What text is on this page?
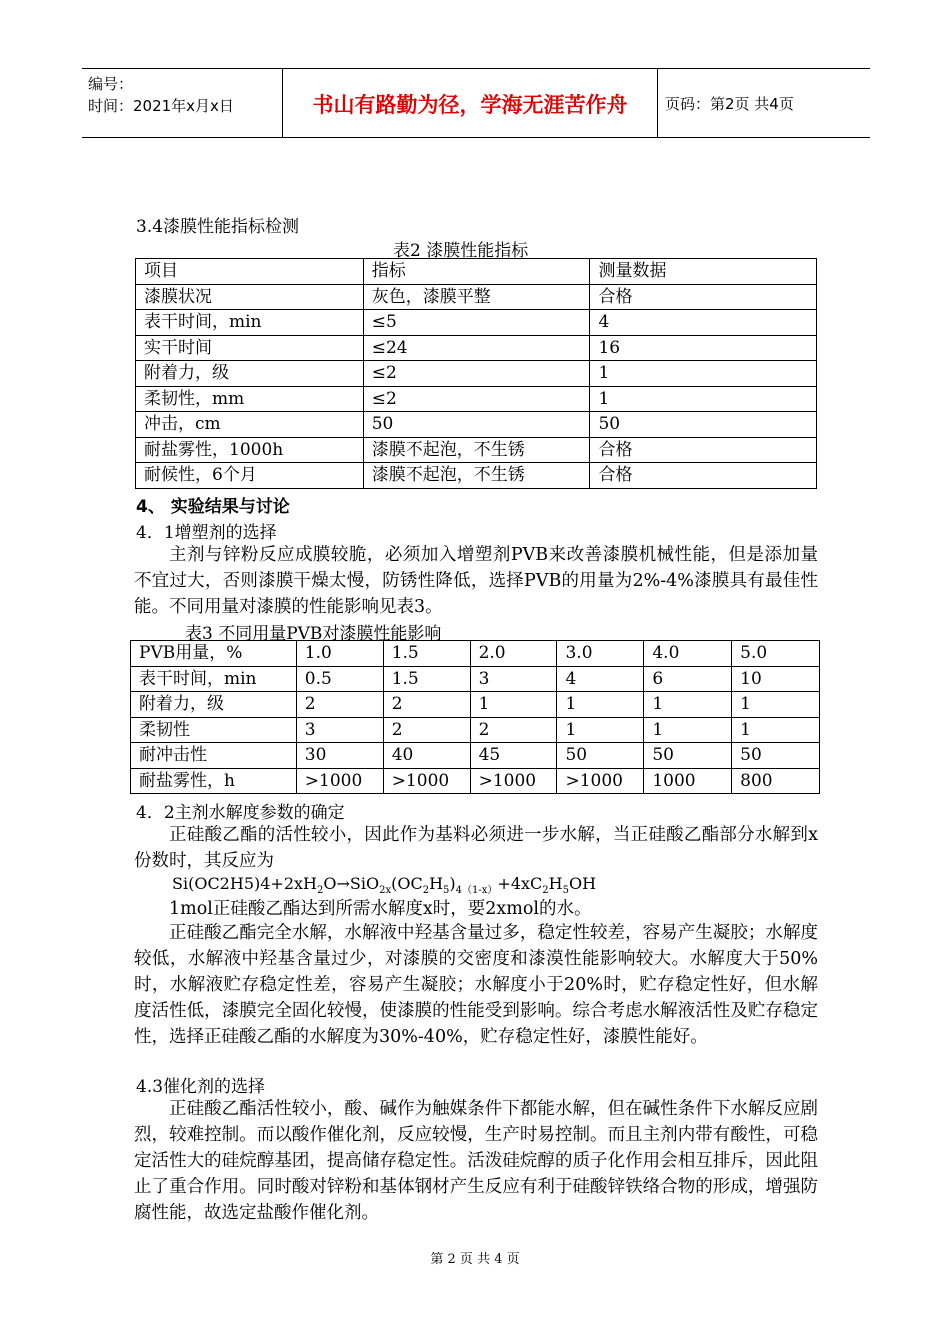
编号：
时间：2021年x月x日	书山有路勤为径，学海无涯苦作舟	页码：第2页 共4页
3.4漆膜性能指标检测
表2 漆膜性能指标
项目	指标	测量数据
漆膜状况	灰色，漆膜平整	合格
表干时间，min	≤5	4
实干时间	≤24	16
附着力，级	≤2	1
柔韧性，mm	≤2	1
冲击，cm	50	50
耐盐雾性，1000h	漆膜不起泡，不生锈	合格
耐候性，6个月	漆膜不起泡，不生锈	合格
4、 实验结果与讨论
4．1增塑剂的选择

主剂与锌粉反应成膜较脆，必须加入增塑剂PVB来改善漆膜机械性能，但是添加量不宜过大，否则漆膜干燥太慢，防锈性降低，选择PVB的用量为2%-4%漆膜具有最佳性能。不同用量对漆膜的性能影响见表3。

表3 不同用量PVB对漆膜性能影响
PVB用量，%	1.0	1.5	2.0	3.0	4.0	5.0
表干时间，min	0.5	1.5	3	4	6	10
附着力，级	2	2	1	1	1	1
柔韧性	3	2	2	1	1	1
耐冲击性	30	40	45	50	50	50
耐盐雾性，h	>1000	>1000	>1000	>1000	1000	800
4．2主剂水解度参数的确定

正硅酸乙酯的活性较小，因此作为基料必须进一步水解，当正硅酸乙酯部分水解到x份数时，其反应为

$Si(OC2H5)4+2xH_2O\to SiO_{2x}(OC_2H_5)_{4(1-x)}+4xC_2H_5OH$

1mol正硅酸乙酯达到所需水解度x时，要2xmol的水。

正硅酸乙酯完全水解，水解液中羟基含量过多，稳定性较差，容易产生凝胶；水解度较低，水解液中羟基含量过少，对漆膜的交密度和漆漠性能影响较大。水解度大于50%时，水解液贮存稳定性差，容易产生凝胶；水解度小于20%时，贮存稳定性好，但水解度活性低，漆膜完全固化较慢，使漆膜的性能受到影响。综合考虑水解液活性及贮存稳定性，选择正硅酸乙酯的水解度为30%-40%，贮存稳定性好，漆膜性能好。

4.3催化剂的选择

正硅酸乙酯活性较小，酸、碱作为触媒条件下都能水解，但在碱性条件下水解反应剧烈，较难控制。而以酸作催化剂，反应较慢，生产时易控制。而且主剂内带有酸性，可稳定活性大的硅烷醇基团，提高储存稳定性。活泼硅烷醇的质子化作用会相互排斥，因此阻止了重合作用。同时酸对锌粉和基体钢材产生反应有利于硅酸锌铁络合物的形成，增强防腐性能，故选定盐酸作催化剂。

第 2 页 共 4 页
